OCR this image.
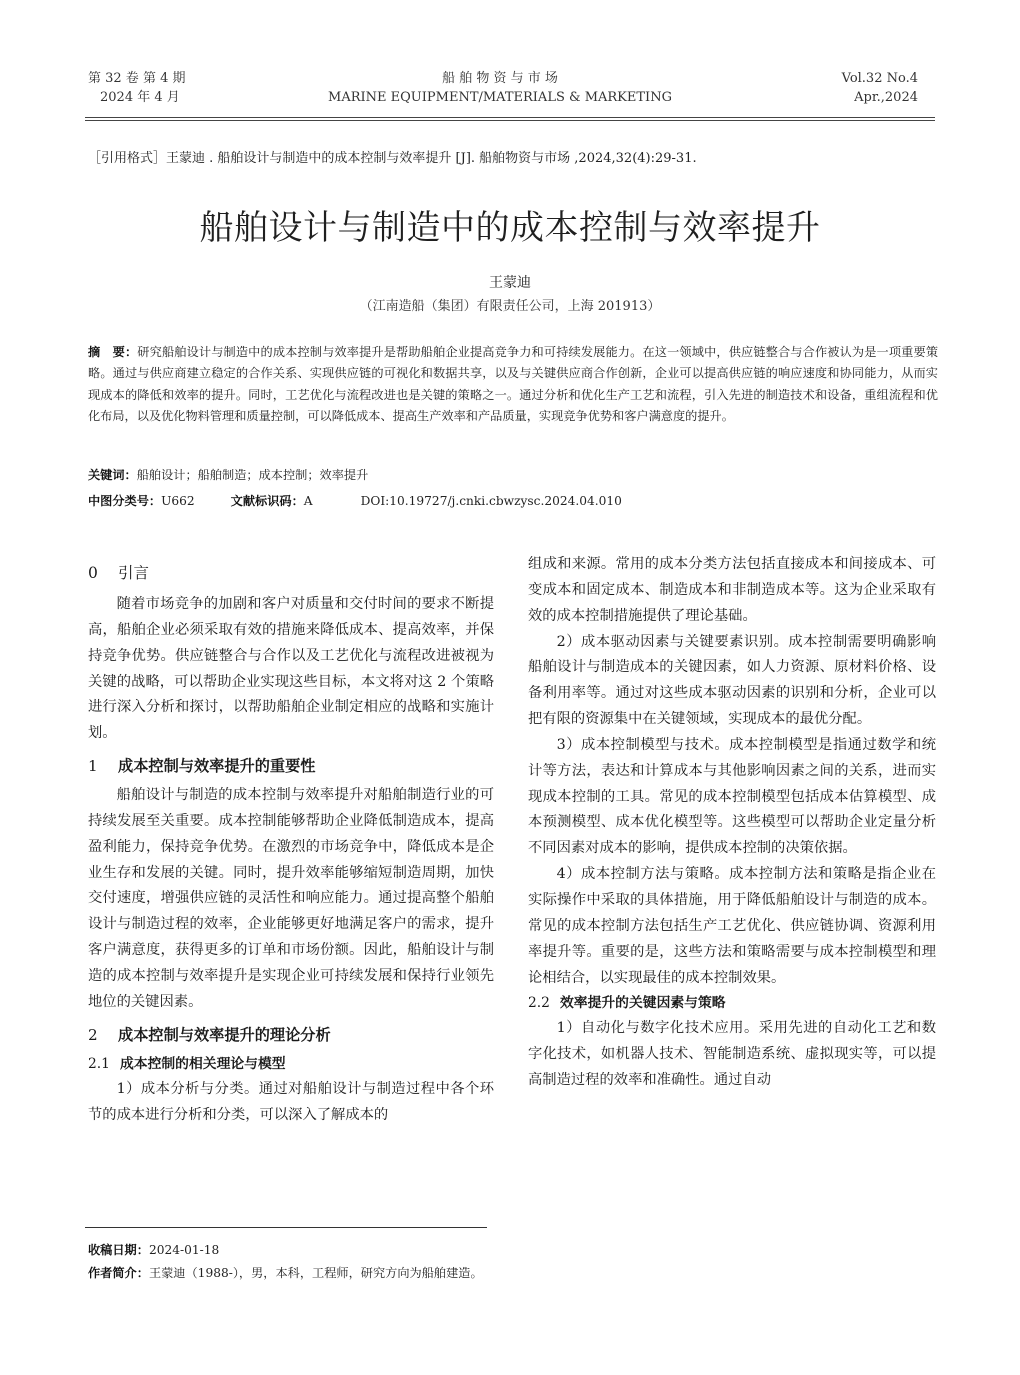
第 32 卷 第 4 期
2024 年 4 月
船 舶 物 资 与 市 场
MARINE EQUIPMENT/MATERIALS & MARKETING
Vol.32 No.4
Apr.,2024
［引用格式］王蒙迪 . 船舶设计与制造中的成本控制与效率提升 [J]. 船舶物资与市场 ,2024,32(4):29-31.
船舶设计与制造中的成本控制与效率提升
王蒙迪
（江南造船（集团）有限责任公司，上海 201913）
摘　要：研究船舶设计与制造中的成本控制与效率提升是帮助船舶企业提高竞争力和可持续发展能力。在这一领域中，供应链整合与合作被认为是一项重要策略。通过与供应商建立稳定的合作关系、实现供应链的可视化和数据共享，以及与关键供应商合作创新，企业可以提高供应链的响应速度和协同能力，从而实现成本的降低和效率的提升。同时，工艺优化与流程改进也是关键的策略之一。通过分析和优化生产工艺和流程，引入先进的制造技术和设备，重组流程和优化布局，以及优化物料管理和质量控制，可以降低成本、提高生产效率和产品质量，实现竞争优势和客户满意度的提升。
关键词：船舶设计；船舶制造；成本控制；效率提升
中图分类号：U662	文献标识码：A	DOI:10.19727/j.cnki.cbwzysc.2024.04.010
0 引言

随着市场竞争的加剧和客户对质量和交付时间的要求不断提高，船舶企业必须采取有效的措施来降低成本、提高效率，并保持竞争优势。供应链整合与合作以及工艺优化与流程改进被视为关键的战略，可以帮助企业实现这些目标，本文将对这 2 个策略进行深入分析和探讨，以帮助船舶企业制定相应的战略和实施计划。

1 成本控制与效率提升的重要性

船舶设计与制造的成本控制与效率提升对船舶制造行业的可持续发展至关重要。成本控制能够帮助企业降低制造成本，提高盈利能力，保持竞争优势。在激烈的市场竞争中，降低成本是企业生存和发展的关键。同时，提升效率能够缩短制造周期，加快交付速度，增强供应链的灵活性和响应能力。通过提高整个船舶设计与制造过程的效率，企业能够更好地满足客户的需求，提升客户满意度，获得更多的订单和市场份额。因此，船舶设计与制造的成本控制与效率提升是实现企业可持续发展和保持行业领先地位的关键因素。

2 成本控制与效率提升的理论分析
2.1 成本控制的相关理论与模型

1）成本分析与分类。通过对船舶设计与制造过程中各个环节的成本进行分析和分类，可以深入了解成本的

组成和来源。常用的成本分类方法包括直接成本和间接成本、可变成本和固定成本、制造成本和非制造成本等。这为企业采取有效的成本控制措施提供了理论基础。

2）成本驱动因素与关键要素识别。成本控制需要明确影响船舶设计与制造成本的关键因素，如人力资源、原材料价格、设备利用率等。通过对这些成本驱动因素的识别和分析，企业可以把有限的资源集中在关键领域，实现成本的最优分配。

3）成本控制模型与技术。成本控制模型是指通过数学和统计等方法，表达和计算成本与其他影响因素之间的关系，进而实现成本控制的工具。常见的成本控制模型包括成本估算模型、成本预测模型、成本优化模型等。这些模型可以帮助企业定量分析不同因素对成本的影响，提供成本控制的决策依据。

4）成本控制方法与策略。成本控制方法和策略是指企业在实际操作中采取的具体措施，用于降低船舶设计与制造的成本。常见的成本控制方法包括生产工艺优化、供应链协调、资源利用率提升等。重要的是，这些方法和策略需要与成本控制模型和理论相结合，以实现最佳的成本控制效果。

2.2 效率提升的关键因素与策略

1）自动化与数字化技术应用。采用先进的自动化工艺和数字化技术，如机器人技术、智能制造系统、虚拟现实等，可以提高制造过程的效率和准确性。通过自动

收稿日期：2024-01-18
作者简介：王蒙迪（1988-），男，本科，工程师，研究方向为船舶建造。
